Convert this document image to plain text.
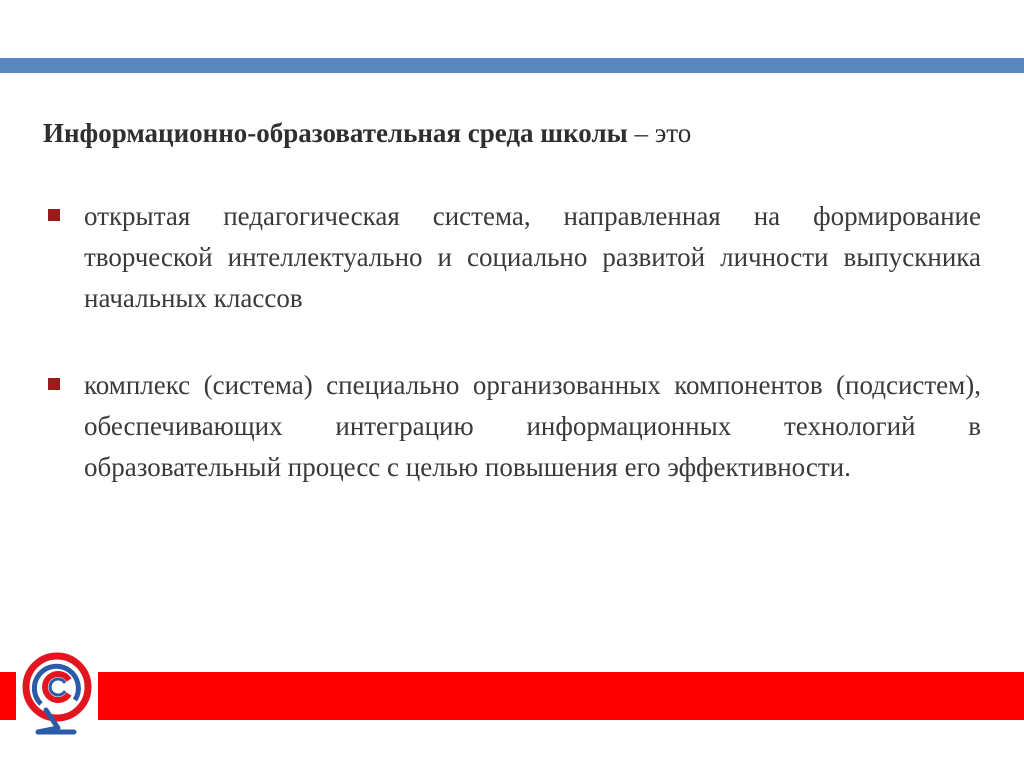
Информационно-образовательная среда школы – это
открытая педагогическая система, направленная на формирование творческой интеллектуально и социально развитой личности выпускника начальных классов
комплекс (система) специально организованных компонентов (подсистем), обеспечивающих интеграцию информационных технологий в образовательный процесс с целью повышения его эффективности.
